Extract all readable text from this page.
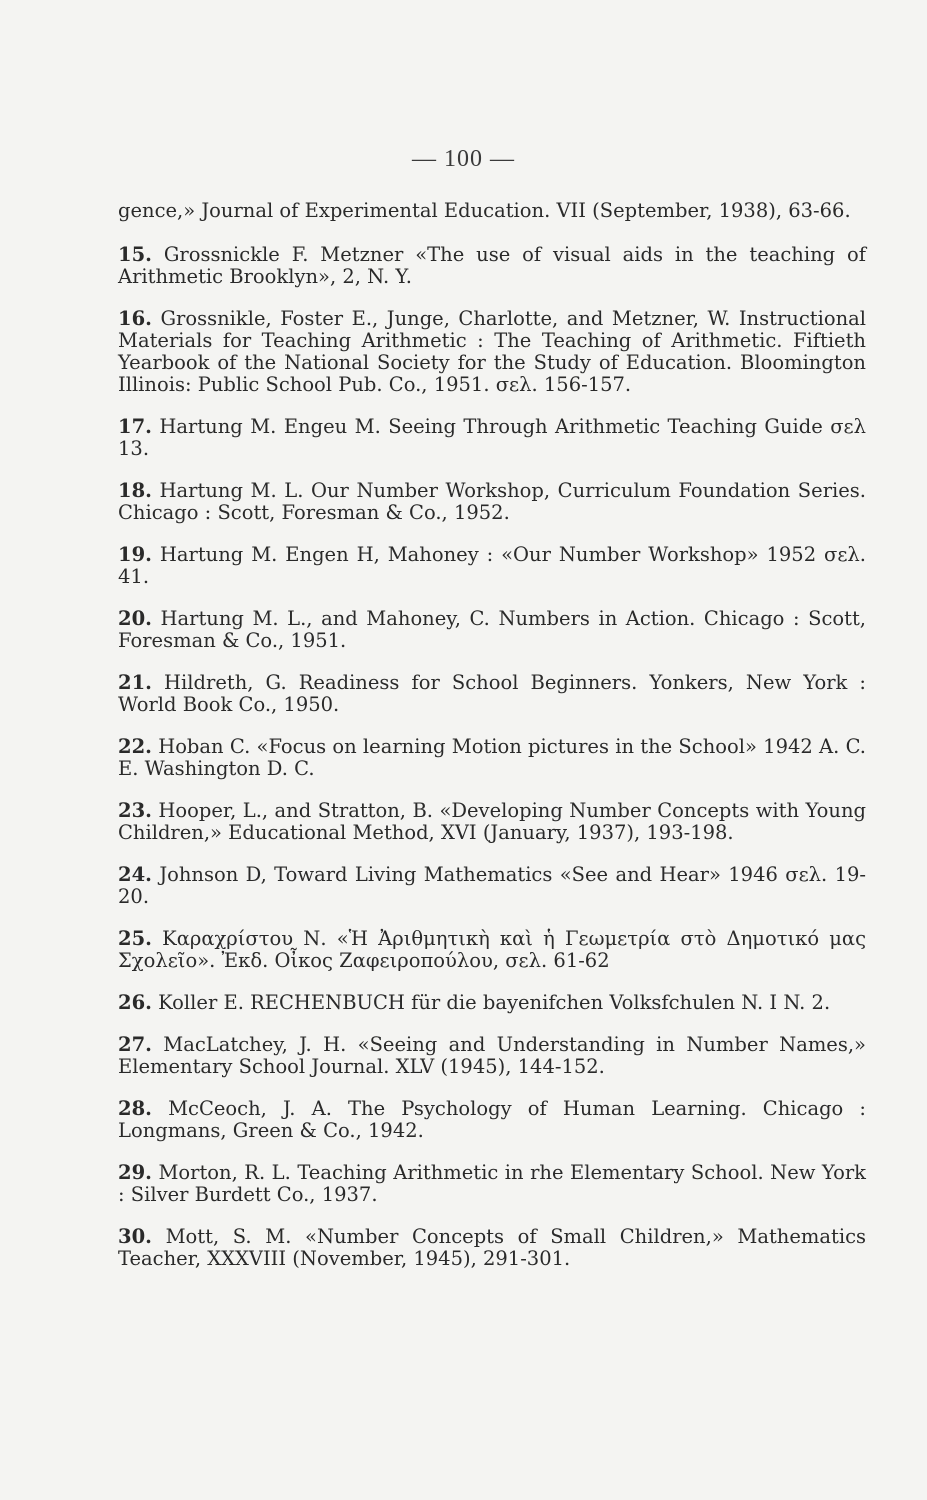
— 100 —
gence,» Journal of Experimental Education. VII (September, 1938), 63-66.
15. Grossnickle F. Metzner «The use of visual aids in the teaching of Arithmetic Brooklyn», 2, N. Y.
16. Grossnikle, Foster E., Junge, Charlotte, and Metzner, W. Instructional Materials for Teaching Arithmetic : The Teaching of Arithmetic. Fiftieth Yearbook of the National Society for the Study of Education. Bloomington Illinois: Public School Pub. Co., 1951. σελ. 156-157.
17. Hartung M. Engeu M. Seeing Through Arithmetic Teaching Guide σελ 13.
18. Hartung M. L. Our Number Workshop, Curriculum Foundation Series. Chicago : Scott, Foresman & Co., 1952.
19. Hartung M. Engen H, Mahoney : «Our Number Workshop» 1952 σελ. 41.
20. Hartung M. L., and Mahoney, C. Numbers in Action. Chicago : Scott, Foresman & Co., 1951.
21. Hildreth, G. Readiness for School Beginners. Yonkers, New York : World Book Co., 1950.
22. Hoban C. «Focus on learning Motion pictures in the School» 1942 A. C. E. Washington D. C.
23. Hooper, L., and Stratton, B. «Developing Number Concepts with Young Children,» Educational Method, XVI (January, 1937), 193-198.
24. Johnson D, Toward Living Mathematics «See and Hear» 1946 σελ. 19-20.
25. Καραχρίστου Ν. «Ἡ Ἀριθμητικὴ καὶ ἡ Γεωμετρία στὸ Δημοτικό μας Σχολεῖο». Ἐκδ. Οἶκος Ζαφειροπούλου, σελ. 61-62
26. Koller E. RECHENBUCH für die bayenifchen Volksfchulen N. I N. 2.
27. MacLatchey, J. H. «Seeing and Understanding in Number Names,» Elementary School Journal. XLV (1945), 144-152.
28. McCeoch, J. A. The Psychology of Human Learning. Chicago : Longmans, Green & Co., 1942.
29. Morton, R. L. Teaching Arithmetic in rhe Elementary School. New York : Silver Burdett Co., 1937.
30. Mott, S. M. «Number Concepts of Small Children,» Mathematics Teacher, XXXVIII (November, 1945), 291-301.
